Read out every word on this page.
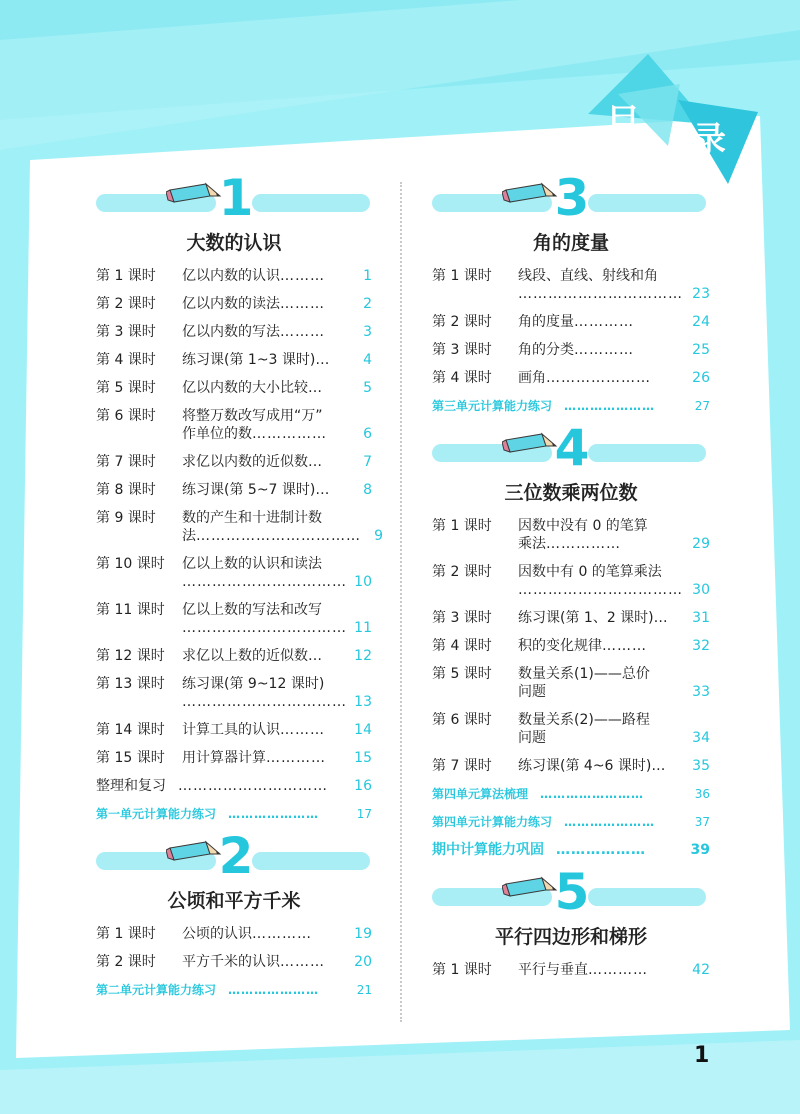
目 录
1
大数的认识
第 1 课时	亿以内数的认识………	1
第 2 课时	亿以内数的读法………	2
第 3 课时	亿以内数的写法………	3
第 4 课时	练习课(第 1~3 课时)…	4
第 5 课时	亿以内数的大小比较…	5
第 6 课时	将整万数改写成用“万”
作单位的数……………	6
第 7 课时	求亿以内数的近似数…	7
第 8 课时	练习课(第 5~7 课时)…	8
第 9 课时	数的产生和十进制计数
法…………………………… 9
第 10 课时	亿以上数的认识和读法
…………………………… 10
第 11 课时	亿以上数的写法和改写
…………………………… 11
第 12 课时	求亿以上数的近似数…	12
第 13 课时	练习课(第 9~12 课时)
…………………………… 13
第 14 课时	计算工具的认识………	14
第 15 课时	用计算器计算…………	15
整理和复习 …………………………	16
第一单元计算能力练习	…………………	17
2
公顷和平方千米
第 1 课时	公顷的认识…………	19
第 2 课时	平方千米的认识………	20
第二单元计算能力练习	…………………	21
3
角的度量
第 1 课时	线段、直线、射线和角
…………………………… 23
第 2 课时	角的度量…………	24
第 3 课时	角的分类…………	25
第 4 课时	画角…………………	26
第三单元计算能力练习	…………………	27
4
三位数乘两位数
第 1 课时	因数中没有 0 的笔算
乘法……………	29
第 2 课时	因数中有 0 的笔算乘法
…………………………… 30
第 3 课时	练习课(第 1、2 课时)…	31
第 4 课时	积的变化规律………	32
第 5 课时	数量关系(1)——总价
问题	33
第 6 课时	数量关系(2)——路程
问题	34
第 7 课时	练习课(第 4~6 课时)…	35
第四单元算法梳理	……………………	36
第四单元计算能力练习	…………………	37
期中计算能力巩固 ………………	39
5
平行四边形和梯形
第 1 课时	平行与垂直…………	42
1
